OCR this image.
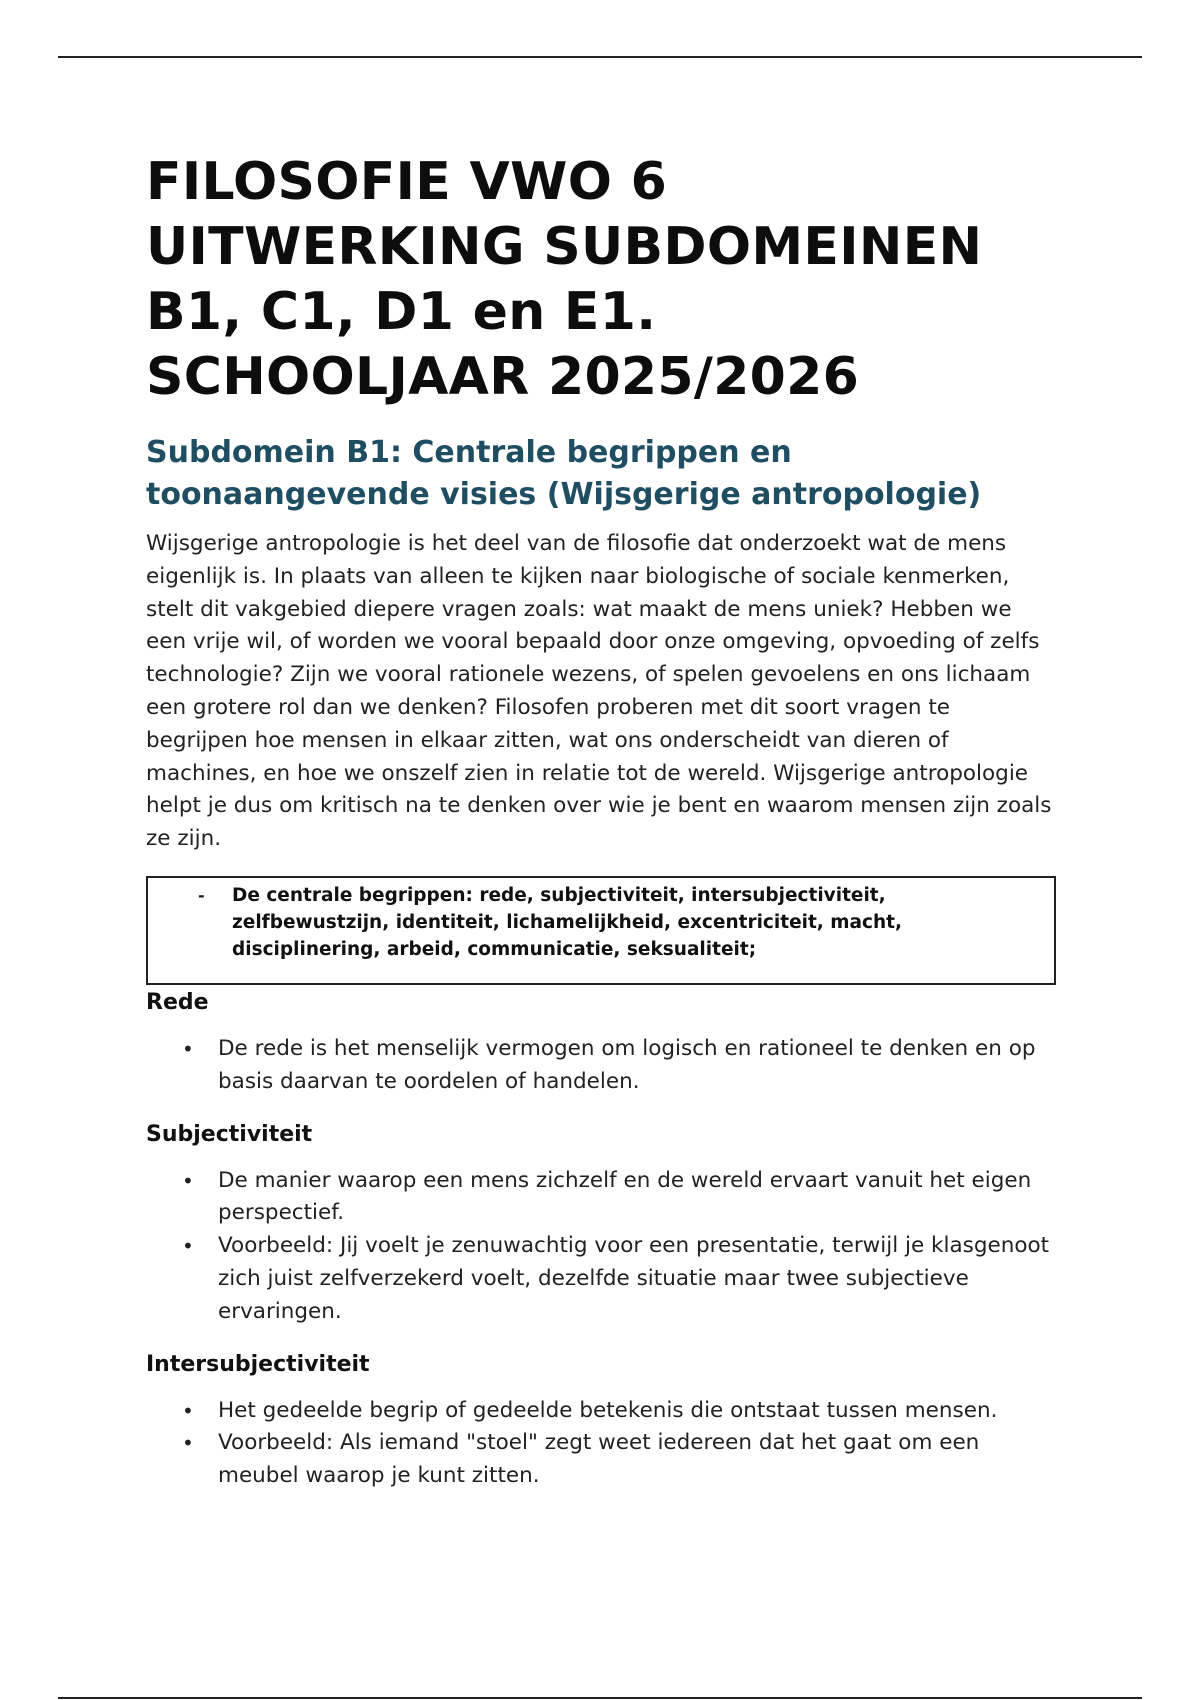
FILOSOFIE VWO 6
UITWERKING SUBDOMEINEN
B1, C1, D1 en E1.
SCHOOLJAAR 2025/2026
Subdomein B1: Centrale begrippen en toonaangevende visies (Wijsgerige antropologie)

Wijsgerige antropologie is het deel van de filosofie dat onderzoekt wat de mens eigenlijk is. In plaats van alleen te kijken naar biologische of sociale kenmerken, stelt dit vakgebied diepere vragen zoals: wat maakt de mens uniek? Hebben we een vrije wil, of worden we vooral bepaald door onze omgeving, opvoeding of zelfs technologie? Zijn we vooral rationele wezens, of spelen gevoelens en ons lichaam een grotere rol dan we denken? Filosofen proberen met dit soort vragen te begrijpen hoe mensen in elkaar zitten, wat ons onderscheidt van dieren of machines, en hoe we onszelf zien in relatie tot de wereld. Wijsgerige antropologie helpt je dus om kritisch na te denken over wie je bent en waarom mensen zijn zoals ze zijn.

-	De centrale begrippen: rede, subjectiviteit, intersubjectiviteit, zelfbewustzijn, identiteit, lichamelijkheid, excentriciteit, macht, disciplinering, arbeid, communicatie, seksualiteit;
Rede
• De rede is het menselijk vermogen om logisch en rationeel te denken en op basis daarvan te oordelen of handelen.
Subjectiviteit
• De manier waarop een mens zichzelf en de wereld ervaart vanuit het eigen perspectief.
• Voorbeeld: Jij voelt je zenuwachtig voor een presentatie, terwijl je klasgenoot zich juist zelfverzekerd voelt, dezelfde situatie maar twee subjectieve ervaringen.
Intersubjectiviteit
• Het gedeelde begrip of gedeelde betekenis die ontstaat tussen mensen.
• Voorbeeld: Als iemand "stoel" zegt weet iedereen dat het gaat om een meubel waarop je kunt zitten.
